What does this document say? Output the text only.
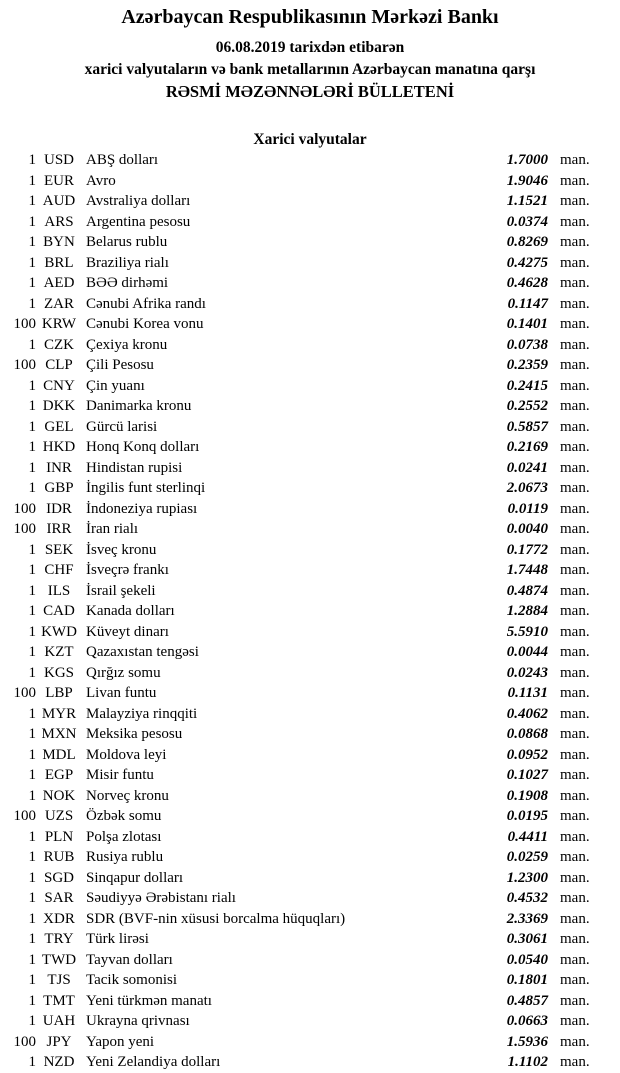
Azərbaycan Respublikasının Mərkəzi Bankı
06.08.2019 tarixdən etibarən
xarici valyutaların və bank metallarının Azərbaycan manatına qarşı
RƏSMİ MƏZƏNNƏLƏRİ BÜLLETENİ
Xarici valyutalar
1 USD ABŞ dolları	1.7000 man.
1 EUR Avro	1.9046 man.
1 AUD Avstraliya dolları	1.1521 man.
1 ARS Argentina pesosu	0.0374 man.
1 BYN Belarus rublu	0.8269 man.
1 BRL Braziliya rialı	0.4275 man.
1 AED BƏƏ dirhəmi	0.4628 man.
1 ZAR Cənubi Afrika randı	0.1147 man.
100 KRW Cənubi Korea vonu	0.1401 man.
1 CZK Çexiya kronu	0.0738 man.
100 CLP Çili Pesosu	0.2359 man.
1 CNY Çin yuanı	0.2415 man.
1 DKK Danimarka kronu	0.2552 man.
1 GEL Gürcü larisi	0.5857 man.
1 HKD Honq Konq dolları	0.2169 man.
1 INR Hindistan rupisi	0.0241 man.
1 GBP İngilis funt sterlinqi	2.0673 man.
100 IDR İndoneziya rupiası	0.0119 man.
100 IRR İran rialı	0.0040 man.
1 SEK İsveç kronu	0.1772 man.
1 CHF İsveçrə frankı	1.7448 man.
1 ILS	İsrail şekeli	0.4874 man.
1 CAD Kanada dolları	1.2884 man.
1 KWD Küveyt dinarı	5.5910 man.
1 KZT Qazaxıstan tengəsi	0.0044 man.
1 KGS Qırğız somu	0.0243 man.
100 LBP Livan funtu	0.1131 man.
1 MYR Malayziya rinqqiti	0.4062 man.
1 MXN Meksika pesosu	0.0868 man.
1 MDL Moldova leyi	0.0952 man.
1 EGP Misir funtu	0.1027 man.
1 NOK Norveç kronu	0.1908 man.
100 UZS Özbək somu	0.0195 man.
1 PLN Polşa zlotası	0.4411 man.
1 RUB Rusiya rublu	0.0259 man.
1 SGD Sinqapur dolları	1.2300 man.
1 SAR Səudiyyə Ərəbistanı rialı	0.4532 man.
1 XDR SDR (BVF-nin xüsusi borcalma hüquqları)	2.3369 man.
1 TRY Türk lirəsi	0.3061 man.
1 TWD Tayvan dolları	0.0540 man.
1 TJS	Tacik somonisi	0.1801 man.
1 TMT Yeni türkmən manatı	0.4857 man.
1 UAH Ukrayna qrivnası	0.0663 man.
100 JPY Yapon yeni	1.5936 man.
1 NZD Yeni Zelandiya dolları	1.1102 man.
